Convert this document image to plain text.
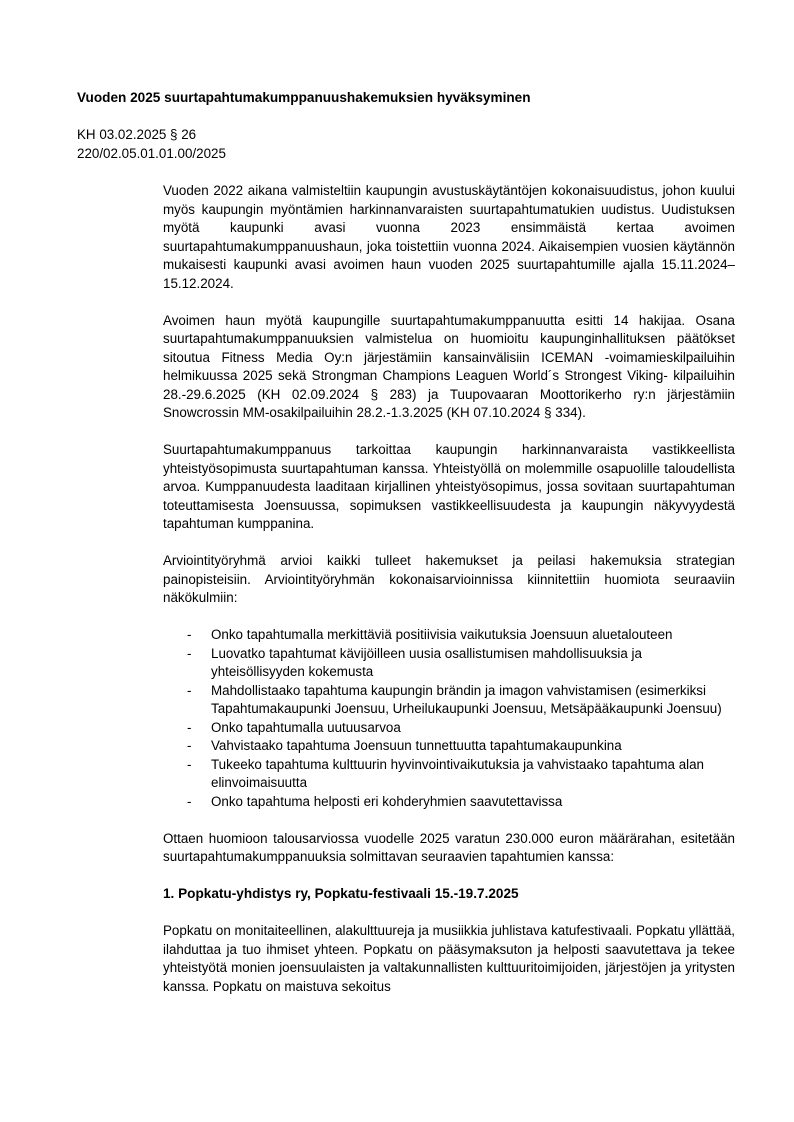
Vuoden 2025 suurtapahtumakumppanuushakemuksien hyväksyminen
KH 03.02.2025 § 26
220/02.05.01.01.00/2025

Vuoden 2022 aikana valmisteltiin kaupungin avustuskäytäntöjen kokonaisuudistus, johon kuului myös kaupungin myöntämien harkinnanvaraisten suurtapahtumatukien uudistus. Uudistuksen myötä kaupunki avasi vuonna 2023 ensimmäistä kertaa avoimen suurtapahtumakumppanuushaun, joka toistettiin vuonna 2024. Aikaisempien vuosien käytännön mukaisesti kaupunki avasi avoimen haun vuoden 2025 suurtapahtumille ajalla 15.11.2024–15.12.2024.

Avoimen haun myötä kaupungille suurtapahtumakumppanuutta esitti 14 hakijaa. Osana suurtapahtumakumppanuuksien valmistelua on huomioitu kaupunginhallituksen päätökset sitoutua Fitness Media Oy:n järjestämiin kansainvälisiin ICEMAN -voimamieskilpailuihin helmikuussa 2025 sekä Strongman Champions Leaguen World´s Strongest Viking- kilpailuihin 28.-29.6.2025 (KH 02.09.2024 § 283) ja Tuupovaaran Moottorikerho ry:n järjestämiin Snowcrossin MM-osakilpailuihin 28.2.-1.3.2025 (KH 07.10.2024 § 334).

Suurtapahtumakumppanuus tarkoittaa kaupungin harkinnanvaraista vastikkeellista yhteistyösopimusta suurtapahtuman kanssa. Yhteistyöllä on molemmille osapuolille taloudellista arvoa. Kumppanuudesta laaditaan kirjallinen yhteistyösopimus, jossa sovitaan suurtapahtuman toteuttamisesta Joensuussa, sopimuksen vastikkeellisuudesta ja kaupungin näkyvyydestä tapahtuman kumppanina.

Arviointityöryhmä arvioi kaikki tulleet hakemukset ja peilasi hakemuksia strategian painopisteisiin. Arviointityöryhmän kokonaisarvioinnissa kiinnitettiin huomiota seuraaviin näkökulmiin:

- Onko tapahtumalla merkittäviä positiivisia vaikutuksia Joensuun aluetalouteen
- Luovatko tapahtumat kävijöilleen uusia osallistumisen mahdollisuuksia ja yhteisöllisyyden kokemusta
- Mahdollistaako tapahtuma kaupungin brändin ja imagon vahvistamisen (esimerkiksi Tapahtumakaupunki Joensuu, Urheilukaupunki Joensuu, Metsäpääkaupunki Joensuu)
- Onko tapahtumalla uutuusarvoa
- Vahvistaako tapahtuma Joensuun tunnettuutta tapahtumakaupunkina
- Tukeeko tapahtuma kulttuurin hyvinvointivaikutuksia ja vahvistaako tapahtuma alan elinvoimaisuutta
- Onko tapahtuma helposti eri kohderyhmien saavutettavissa

Ottaen huomioon talousarviossa vuodelle 2025 varatun 230.000 euron määrärahan, esitetään suurtapahtumakumppanuuksia solmittavan seuraavien tapahtumien kanssa:

1. Popkatu-yhdistys ry, Popkatu-festivaali 15.-19.7.2025

Popkatu on monitaiteellinen, alakulttuureja ja musiikkia juhlistava katufestivaali. Popkatu yllättää, ilahduttaa ja tuo ihmiset yhteen. Popkatu on pääsymaksuton ja helposti saavutettava ja tekee yhteistyötä monien joensuulaisten ja valtakunnallisten kulttuuritoimijoiden, järjestöjen ja yritysten kanssa. Popkatu on maistuva sekoitus
